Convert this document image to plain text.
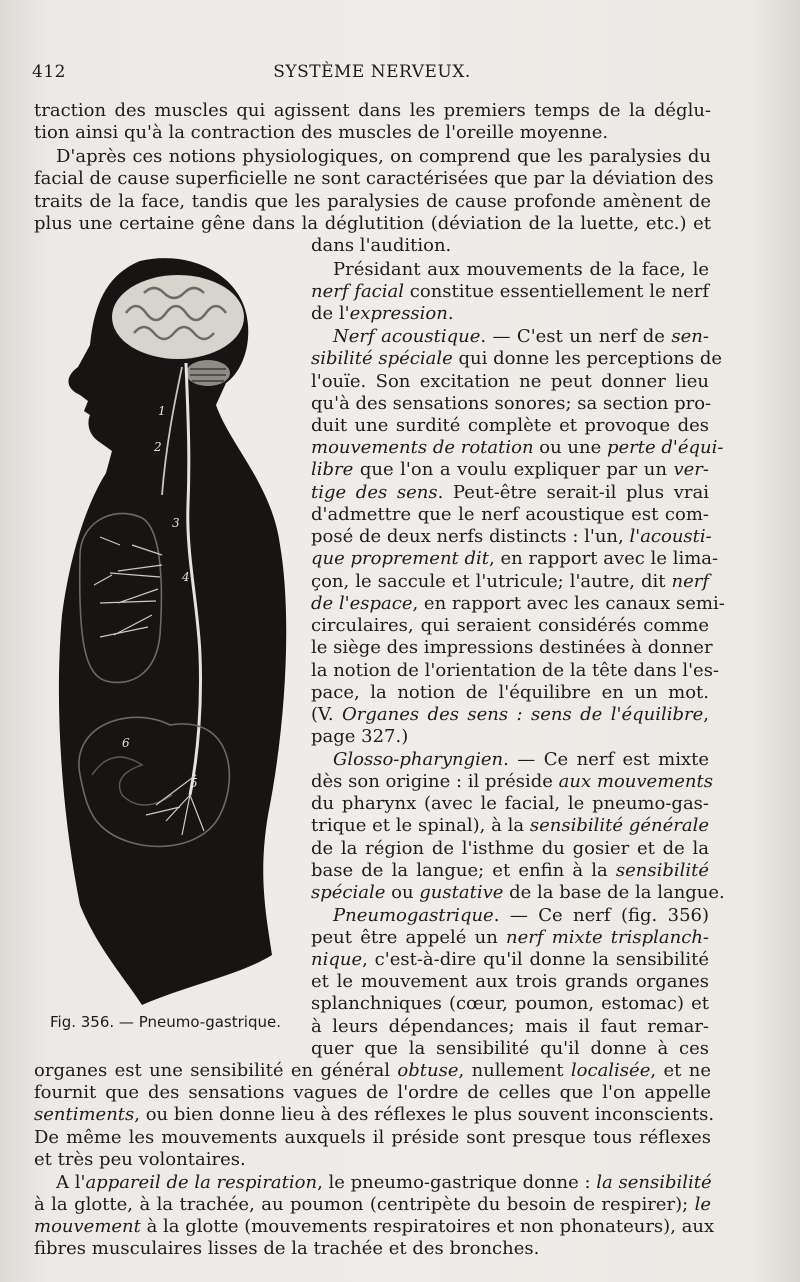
412	SYSTÈME NERVEUX.
traction des muscles qui agissent dans les premiers temps de la déglu-
tion ainsi qu'à la contraction des muscles de l'oreille moyenne.
D'après ces notions physiologiques, on comprend que les paralysies du
facial de cause superficielle ne sont caractérisées que par la déviation des
traits de la face, tandis que les paralysies de cause profonde amènent de
plus une certaine gêne dans la déglutition (déviation de la luette, etc.) et
dans l'audition.
Présidant aux mouvements de la face, le
nerf facial constitue essentiellement le nerf
de l'expression.
Nerf acoustique. — C'est un nerf de sen-
sibilité spéciale qui donne les perceptions de
l'ouïe. Son excitation ne peut donner lieu
qu'à des sensations sonores; sa section pro-
duit une surdité complète et provoque des
mouvements de rotation ou une perte d'équi-
libre que l'on a voulu expliquer par un ver-
tige des sens. Peut-être serait-il plus vrai
d'admettre que le nerf acoustique est com-
posé de deux nerfs distincts : l'un, l'acousti-
que proprement dit, en rapport avec le lima-
çon, le saccule et l'utricule; l'autre, dit nerf
de l'espace, en rapport avec les canaux semi-
circulaires, qui seraient considérés comme
le siège des impressions destinées à donner
la notion de l'orientation de la tête dans l'es-
pace, la notion de l'équilibre en un mot.
(V. Organes des sens : sens de l'équilibre,
page 327.)
Glosso-pharyngien. — Ce nerf est mixte
dès son origine : il préside aux mouvements
du pharynx (avec le facial, le pneumo-gas-
trique et le spinal), à la sensibilité générale
de la région de l'isthme du gosier et de la
base de la langue; et enfin à la sensibilité
spéciale ou gustative de la base de la langue.
Pneumogastrique. — Ce nerf (fig. 356)
peut être appelé un nerf mixte trisplanch-
nique, c'est-à-dire qu'il donne la sensibilité
et le mouvement aux trois grands organes
splanchniques (cœur, poumon, estomac) et
à leurs dépendances; mais il faut remar-
quer que la sensibilité qu'il donne à ces
organes est une sensibilité en général obtuse, nullement localisée, et ne
fournit que des sensations vagues de l'ordre de celles que l'on appelle
sentiments, ou bien donne lieu à des réflexes le plus souvent inconscients.
De même les mouvements auxquels il préside sont presque tous réflexes
et très peu volontaires.
A l'appareil de la respiration, le pneumo-gastrique donne : la sensibilité
à la glotte, à la trachée, au poumon (centripète du besoin de respirer); le
mouvement à la glotte (mouvements respiratoires et non phonateurs), aux
fibres musculaires lisses de la trachée et des bronches.
1
2
3
4
5
6
Fig. 356. — Pneumo-gastrique.
